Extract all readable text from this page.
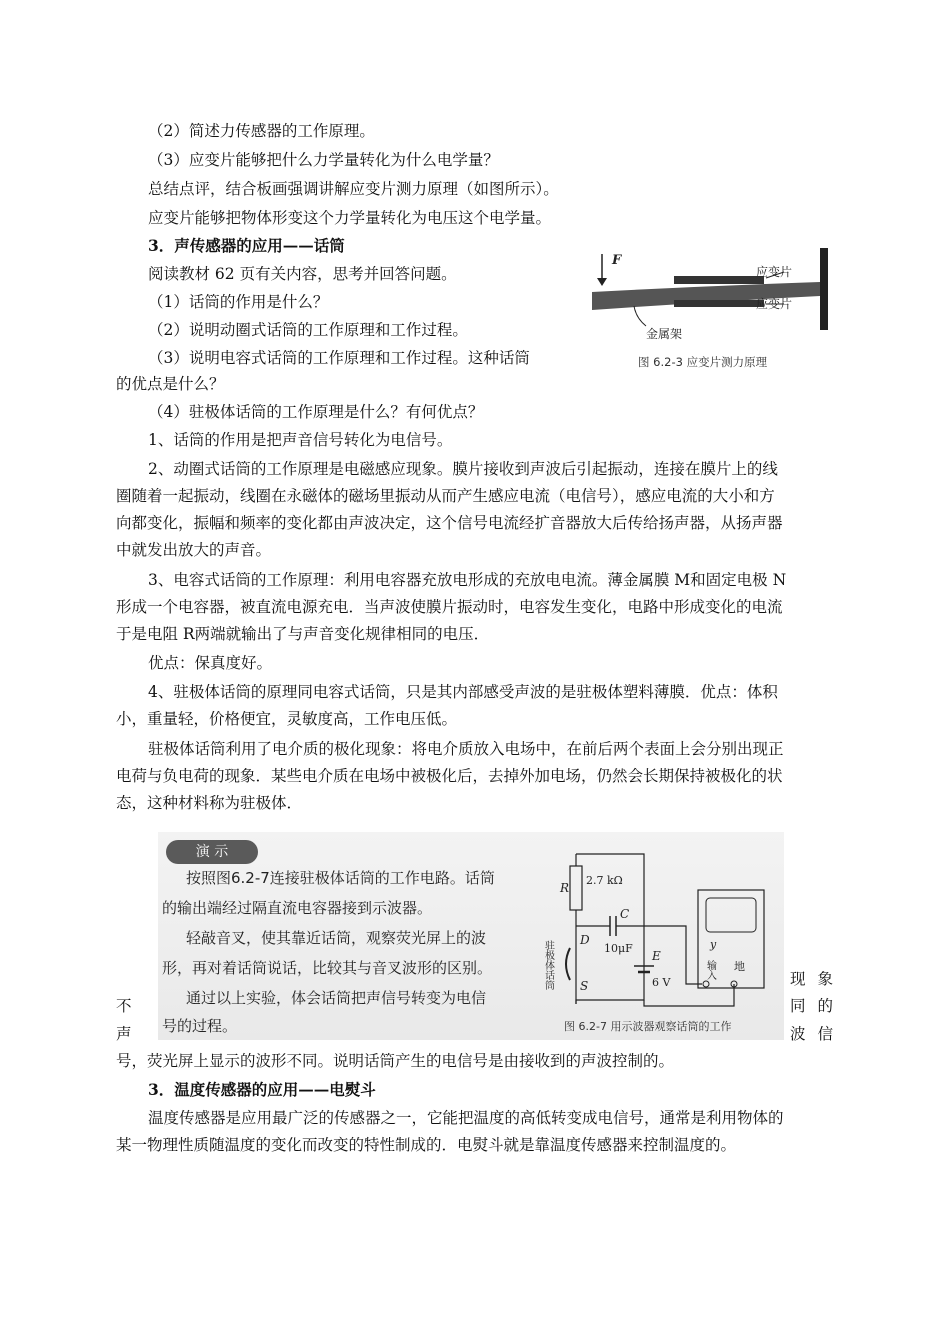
（2）简述力传感器的工作原理。
（3）应变片能够把什么力学量转化为什么电学量？
总结点评，结合板画强调讲解应变片测力原理（如图所示）。
应变片能够把物体形变这个力学量转化为电压这个电学量。
3．声传感器的应用——话筒
阅读教材 62 页有关内容，思考并回答问题。
（1）话筒的作用是什么？
（2）说明动圈式话筒的工作原理和工作过程。
（3）说明电容式话筒的工作原理和工作过程。这种话筒
的优点是什么？
（4）驻极体话筒的工作原理是什么？有何优点？
F
应变片
应变片
金属架
图 6.2-3 应变片测力原理
1、话筒的作用是把声音信号转化为电信号。
2、动圈式话筒的工作原理是电磁感应现象。膜片接收到声波后引起振动，连接在膜片上的线
圈随着一起振动，线圈在永磁体的磁场里振动从而产生感应电流（电信号），感应电流的大小和方
向都变化，振幅和频率的变化都由声波决定，这个信号电流经扩音器放大后传给扬声器，从扬声器
中就发出放大的声音。
3、电容式话筒的工作原理：利用电容器充放电形成的充放电电流。薄金属膜 M和固定电极 N
形成一个电容器，被直流电源充电．当声波使膜片振动时，电容发生变化，电路中形成变化的电流
于是电阻 R两端就输出了与声音变化规律相同的电压．
优点：保真度好。
4、驻极体话筒的原理同电容式话筒，只是其内部感受声波的是驻极体塑料薄膜．优点：体积
小，重量轻，价格便宜，灵敏度高，工作电压低。
驻极体话筒利用了电介质的极化现象：将电介质放入电场中，在前后两个表面上会分别出现正
电荷与负电荷的现象．某些电介质在电场中被极化后，去掉外加电场，仍然会长期保持被极化的状
态，这种材料称为驻极体．
演 示
按照图6.2-7连接驻极体话筒的工作电路。话筒
的输出端经过隔直流电容器接到示波器。
轻敲音叉，使其靠近话筒，观察荧光屏上的波
形，再对着话筒说话，比较其与音叉波形的区别。
通过以上实验，体会话筒把声信号转变为电信
号的过程。
R
2.7 kΩ
C
10μF
D
驻极体话筒 S
E
6 V
y
输入 地
图 6.2-7 用示波器观察话筒的工作
现象
不	同的
声	波信
号，荧光屏上显示的波形不同。说明话筒产生的电信号是由接收到的声波控制的。
3．温度传感器的应用——电熨斗
温度传感器是应用最广泛的传感器之一，它能把温度的高低转变成电信号，通常是利用物体的
某一物理性质随温度的变化而改变的特性制成的．电熨斗就是靠温度传感器来控制温度的。
